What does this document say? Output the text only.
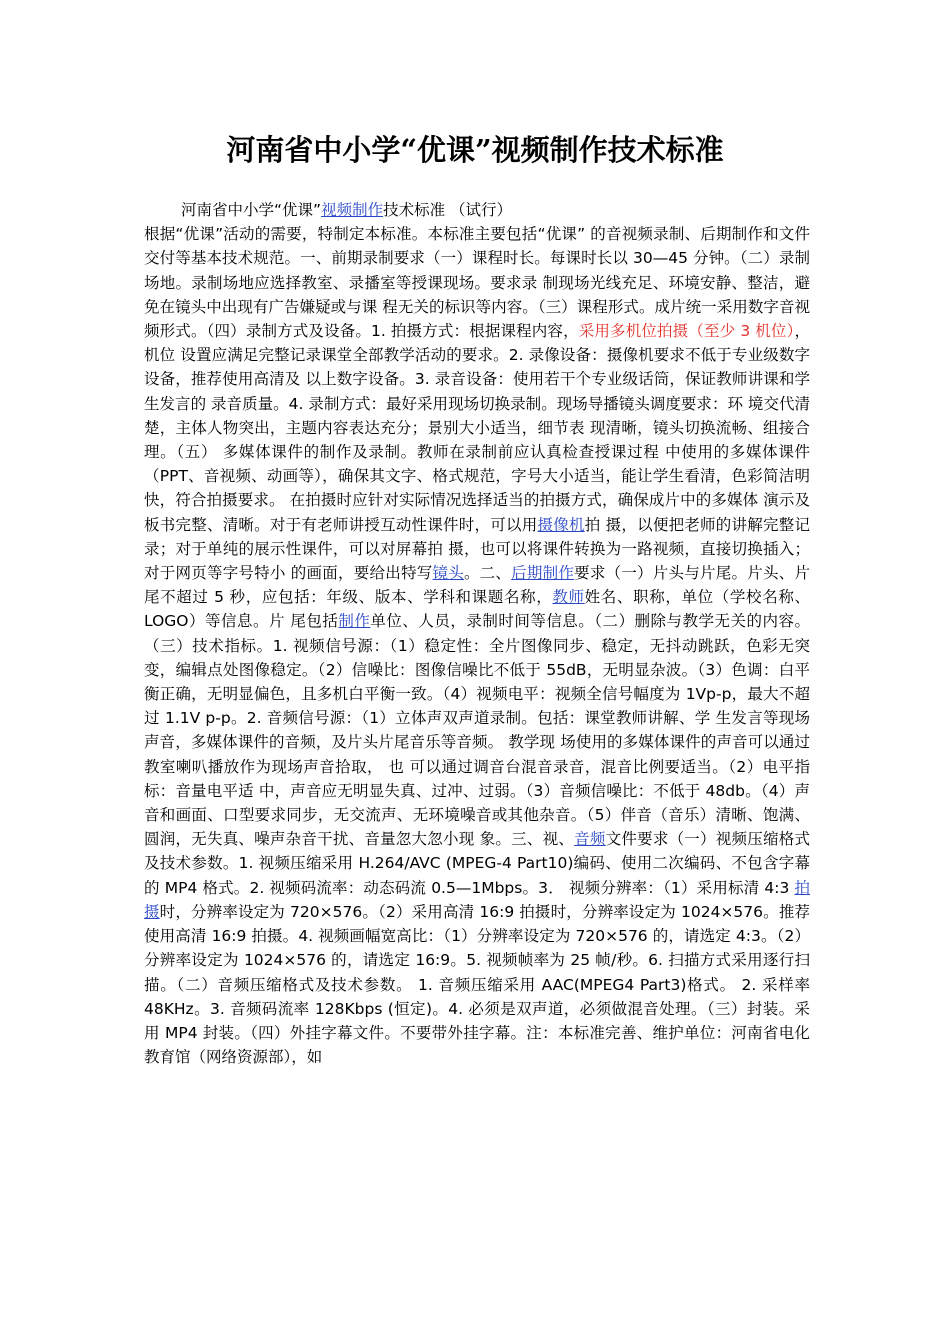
河南省中小学“优课”视频制作技术标准

河南省中小学“优课”视频制作技术标准 （试行）

根据“优课”活动的需要，特制定本标准。本标准主要包括“优课” 的音视频录制、后期制作和文件交付等基本技术规范。一、前期录制要求（一）课程时长。每课时长以 30—45 分钟。（二）录制场地。录制场地应选择教室、录播室等授课现场。要求录 制现场光线充足、环境安静、整洁，避免在镜头中出现有广告嫌疑或与课 程无关的标识等内容。（三）课程形式。成片统一采用数字音视频形式。（四）录制方式及设备。1. 拍摄方式：根据课程内容，采用多机位拍摄（至少 3 机位），机位 设置应满足完整记录课堂全部教学活动的要求。2. 录像设备：摄像机要求不低于专业级数字设备，推荐使用高清及 以上数字设备。3. 录音设备：使用若干个专业级话筒，保证教师讲课和学生发言的 录音质量。4. 录制方式：最好采用现场切换录制。现场导播镜头调度要求：环 境交代清楚，主体人物突出，主题内容表达充分；景别大小适当，细节表 现清晰，镜头切换流畅、组接合理。（五） 多媒体课件的制作及录制。教师在录制前应认真检查授课过程 中使用的多媒体课件（PPT、音视频、动画等），确保其文字、格式规范，字号大小适当，能让学生看清，色彩简洁明快，符合拍摄要求。 在拍摄时应针对实际情况选择适当的拍摄方式，确保成片中的多媒体 演示及板书完整、清晰。对于有老师讲授互动性课件时，可以用摄像机拍 摄，以便把老师的讲解完整记录；对于单纯的展示性课件，可以对屏幕拍 摄，也可以将课件转换为一路视频，直接切换插入；对于网页等字号特小 的画面，要给出特写镜头。二、后期制作要求（一）片头与片尾。片头、片尾不超过 5 秒，应包括：年级、版本、学科和课题名称，教师姓名、职称，单位（学校名称、LOGO）等信息。片 尾包括制作单位、人员，录制时间等信息。（二）删除与教学无关的内容。（三）技术指标。1. 视频信号源：（1）稳定性：全片图像同步、稳定，无抖动跳跃，色彩无突变，编辑点处图像稳定。（2）信噪比：图像信噪比不低于 55dB，无明显杂波。（3）色调：白平衡正确，无明显偏色，且多机白平衡一致。（4）视频电平：视频全信号幅度为 1Vp-p，最大不超过 1.1V p-p。2. 音频信号源：（1）立体声双声道录制。包括：课堂教师讲解、学 生发言等现场声音，多媒体课件的音频，及片头片尾音乐等音频。 教学现 场使用的多媒体课件的声音可以通过教室喇叭播放作为现场声音拾取， 也 可以通过调音台混音录音，混音比例要适当。（2）电平指标：音量电平适 中，声音应无明显失真、过冲、过弱。（3）音频信噪比：不低于 48db。（4）声音和画面、口型要求同步，无交流声、无环境噪音或其他杂音。（5）伴音（音乐）清晰、饱满、圆润，无失真、噪声杂音干扰、音量忽大忽小现 象。三、视、音频文件要求（一）视频压缩格式及技术参数。1. 视频压缩采用 H.264/AVC (MPEG-4 Part10)编码、使用二次编码、不包含字幕的 MP4 格式。2. 视频码流率：动态码流 0.5—1Mbps。3． 视频分辨率：（1）采用标清 4:3 拍摄时，分辨率设定为 720×576。（2）采用高清 16:9 拍摄时，分辨率设定为 1024×576。推荐使用高清 16:9 拍摄。4. 视频画幅宽高比：（1）分辨率设定为 720×576 的，请选定 4:3。（2）分辨率设定为 1024×576 的，请选定 16:9。5. 视频帧率为 25 帧/秒。6. 扫描方式采用逐行扫描。（二）音频压缩格式及技术参数。 1. 音频压缩采用 AAC(MPEG4 Part3)格式。 2. 采样率 48KHz。3. 音频码流率 128Kbps (恒定)。4. 必须是双声道，必须做混音处理。（三）封装。采用 MP4 封装。（四）外挂字幕文件。不要带外挂字幕。注：本标准完善、维护单位：河南省电化教育馆（网络资源部），如
